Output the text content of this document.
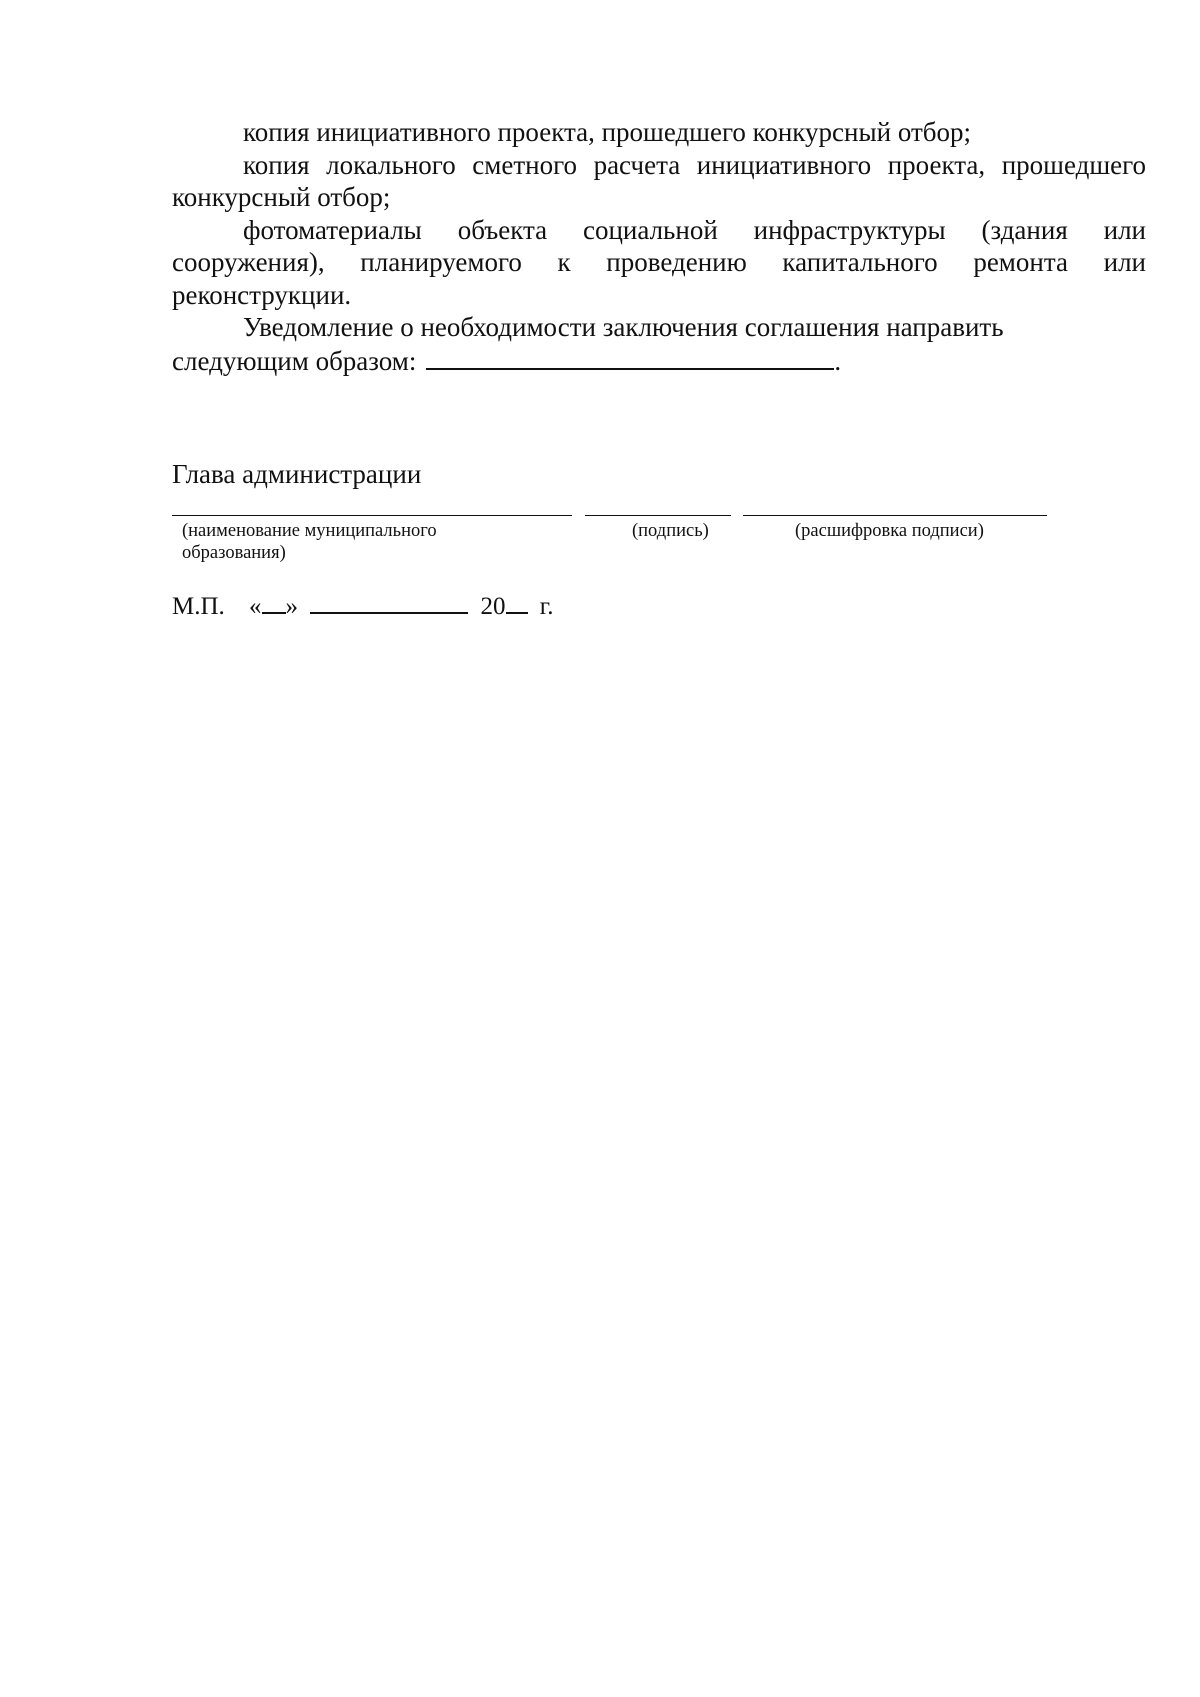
копия инициативного проекта, прошедшего конкурсный отбор;

копия локального сметного расчета инициативного проекта, прошедшего конкурсный отбор;

фотоматериалы объекта социальной инфраструктуры (здания или сооружения), планируемого к проведению капитального ремонта или реконструкции.

Уведомление о необходимости заключения соглашения направить
следующим образом:	.

Глава администрации
(наименование муниципального образования)
(подпись)	(расшифровка подписи)
М.П. « »	20 г.
